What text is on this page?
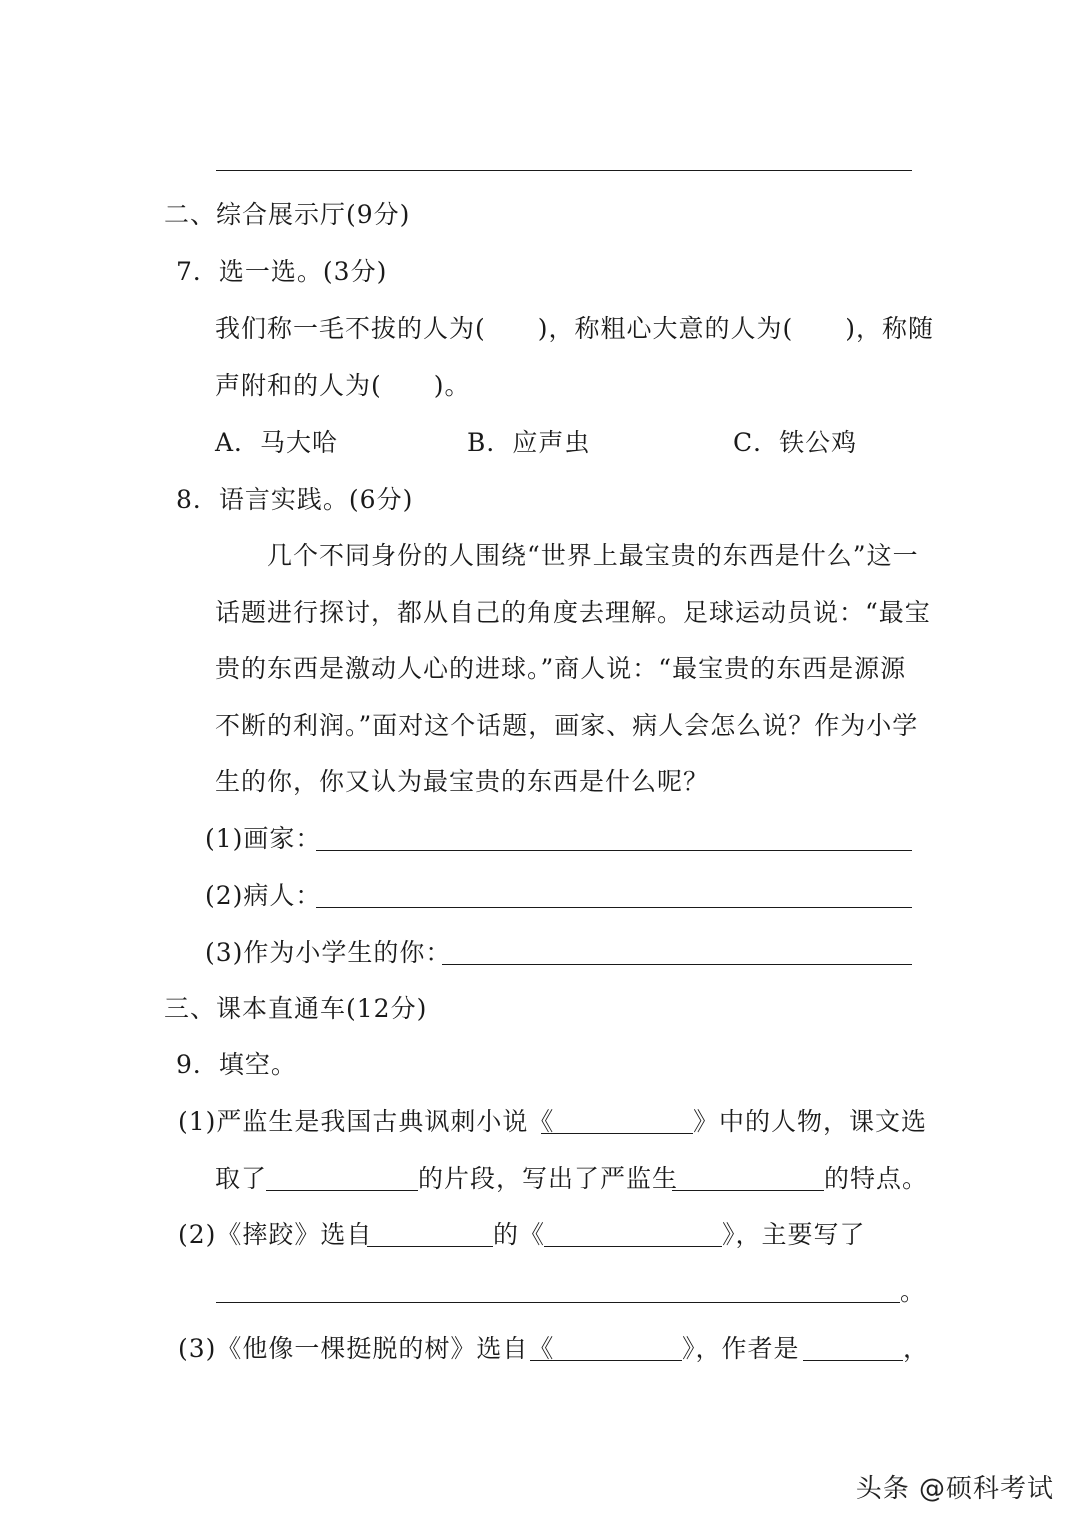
二、综合展示厅(9分)
7．选一选。(3分)
我们称一毛不拔的人为(　　)，称粗心大意的人为(　　)，称随
声附和的人为(　　)。
A．马大哈	B．应声虫	C．铁公鸡
8．语言实践。(6分)
几个不同身份的人围绕“世界上最宝贵的东西是什么”这一
话题进行探讨，都从自己的角度去理解。足球运动员说：“最宝
贵的东西是激动人心的进球。”商人说：“最宝贵的东西是源源
不断的利润。”面对这个话题，画家、病人会怎么说？作为小学
生的你，你又认为最宝贵的东西是什么呢？
(1)画家：
(2)病人：
(3)作为小学生的你：
三、课本直通车(12分)
9．填空。
(1)严监生是我国古典讽刺小说《	》中的人物，课文选
取了	的片段，写出了严监生	的特点。
(2)《摔跤》选自	的《	》，主要写了
。
(3)《他像一棵挺脱的树》选自《	》，作者是	，
头条 @硕科考试
